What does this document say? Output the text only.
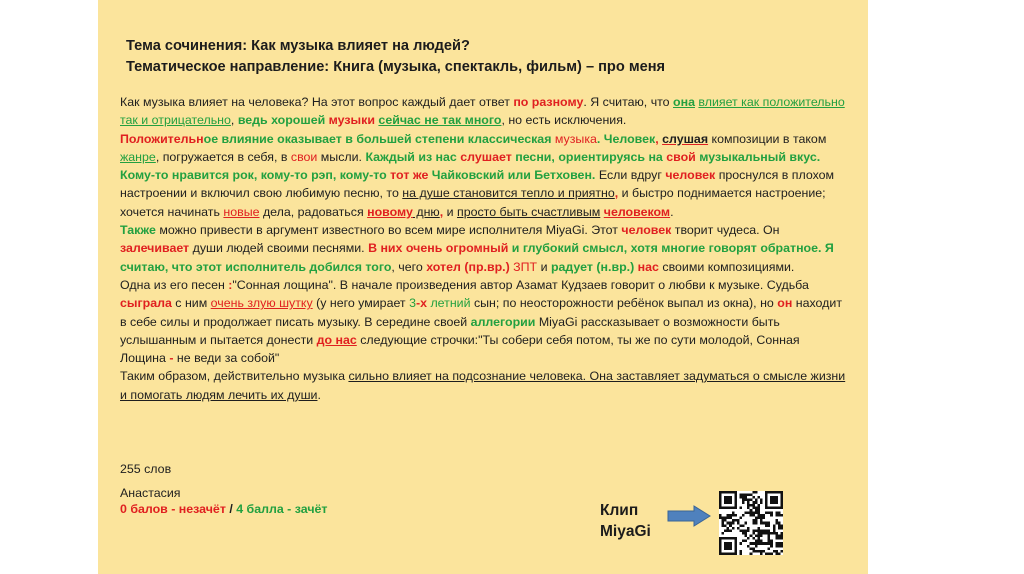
Тема сочинения: Как музыка влияет на людей?
Тематическое направление: Книга (музыка, спектакль, фильм) – про меня

Как музыка влияет на человека? На этот вопрос каждый дает ответ по разному. Я считаю, что она влияет как положительно так и отрицательно, ведь хорошей музыки сейчас не так много, но есть исключения.
Положительное влияние оказывает в большей степени классическая музыка. Человек, слушая композиции в таком жанре, погружается в себя, в свои мысли. Каждый из нас слушает песни, ориентируясь на свой музыкальный вкус. Кому-то нравится рок, кому-то рэп, кому-то тот же Чайковский или Бетховен. Если вдруг человек проснулся в плохом настроении и включил свою любимую песню, то на душе становится тепло и приятно, и быстро поднимается настроение; хочется начинать новые дела, радоваться новому дню, и просто быть счастливым человеком.

Также можно привести в аргумент известного во всем мире исполнителя MiyaGi. Этот человек творит чудеса. Он залечивает души людей своими песнями. В них очень огромный и глубокий смысл, хотя многие говорят обратное. Я считаю, что этот исполнитель добился того, чего хотел (пр.вр.) ЗПТ и радует (н.вр.) нас своими композициями.

Одна из его песен :"Сонная лощина". В начале произведения автор Азамат Кудзаев говорит о любви к музыке. Судьба сыграла с ним очень злую шутку (у него умирает 3-х летний сын; по неосторожности ребёнок выпал из окна), но он находит в себе силы и продолжает писать музыку. В середине своей аллегории MiyaGi рассказывает о возможности быть услышанным и пытается донести до нас следующие строчки:"Ты собери себя потом, ты же по сути молодой, Сонная Лощина - не веди за собой"

Таким образом, действительно музыка сильно влияет на подсознание человека. Она заставляет задуматься о смысле жизни и помогать людям лечить их души.

255 слов
Анастасия
0 балов - незачёт / 4 балла - зачёт	Клип
MiyaGi
